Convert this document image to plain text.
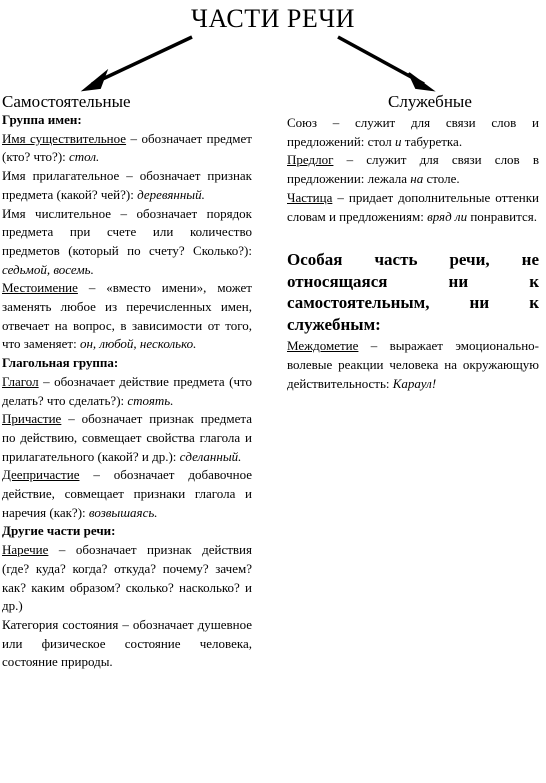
ЧАСТИ РЕЧИ
Самостоятельные	Служебные

Группа имен:

Имя существительное – обозначает предмет (кто? что?): стол.

Имя прилагательное – обозначает признак предмета (какой? чей?): деревянный.

Имя числительное – обозначает порядок предмета при счете или количество предметов (который по счету? Сколько?): седьмой, восемь.

Местоимение – «вместо имени», может заменять любое из перечисленных имен, отвечает на вопрос, в зависимости от того, что заменяет: он, любой, несколько.

Глагольная группа:

Глагол – обозначает действие предмета (что делать? что сделать?): стоять.

Причастие – обозначает признак предмета по действию, совмещает свойства глагола и прилагательного (какой? и др.): сделанный.

Деепричастие – обозначает добавочное действие, совмещает признаки глагола и наречия (как?): возвышаясь.

Другие части речи:

Наречие – обозначает признак действия (где? куда? когда? откуда? почему? зачем? как? каким образом? сколько? насколько? и др.)

Категория состояния – обозначает душевное или физическое состояние человека, состояние природы.

Союз – служит для связи слов и предложений: стол и табуретка.

Предлог – служит для связи слов в предложении: лежала на столе.

Частица – придает дополнительные оттенки словам и предложениям: вряд ли понравится.

Особая часть речи, не относящаяся ни к самостоятельным, ни к служебным:

Междометие – выражает эмоционально-волевые реакции человека на окружающую действительность: Караул!
